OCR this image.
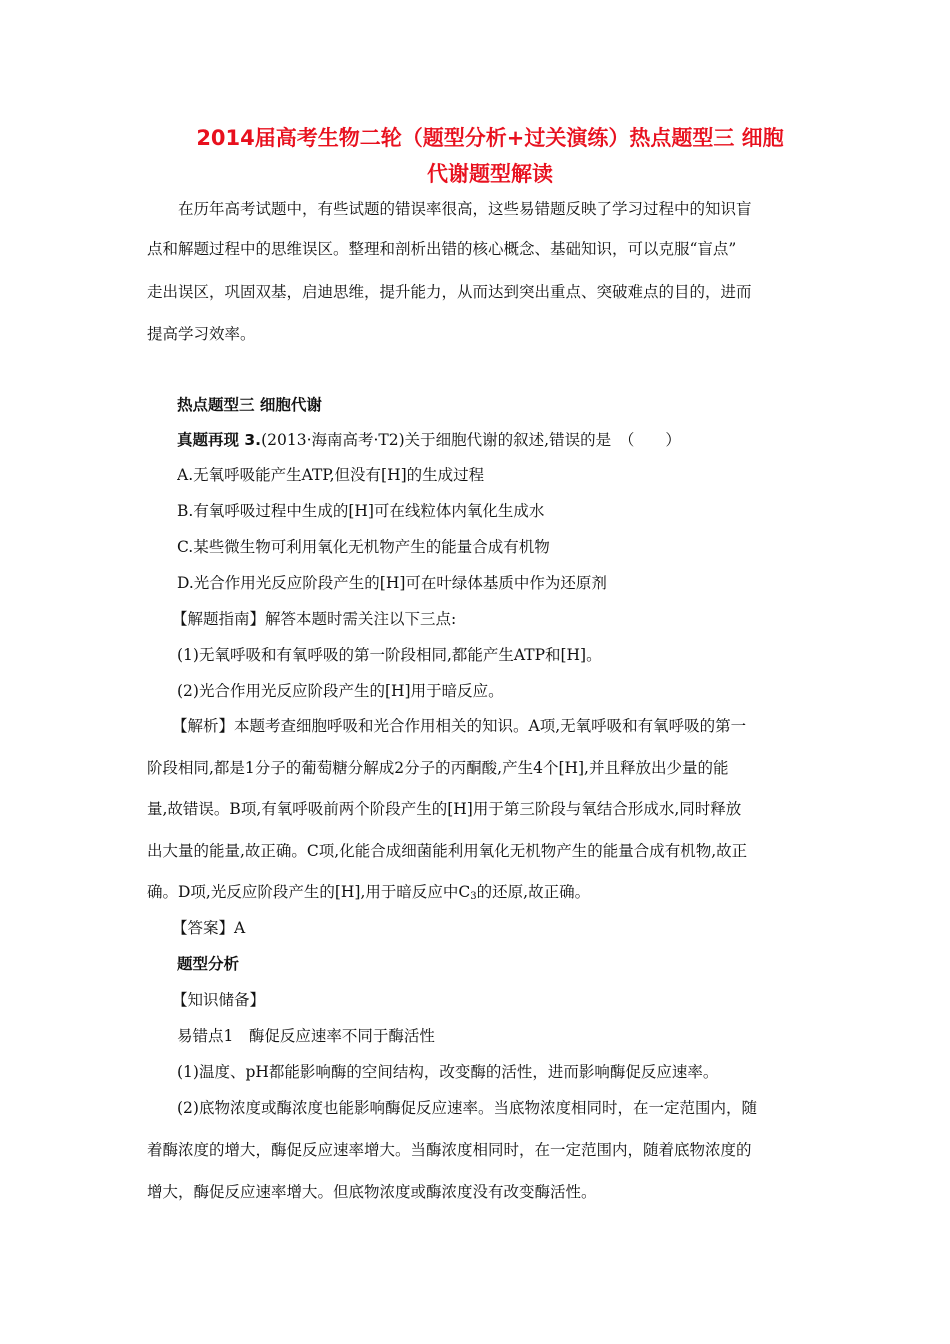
2014届高考生物二轮（题型分析+过关演练）热点题型三 细胞
代谢题型解读
在历年高考试题中，有些试题的错误率很高，这些易错题反映了学习过程中的知识盲
点和解题过程中的思维误区。整理和剖析出错的核心概念、基础知识，可以克服“盲点”
走出误区，巩固双基，启迪思维，提升能力，从而达到突出重点、突破难点的目的，进而
提高学习效率。
热点题型三 细胞代谢
真题再现 3.(2013·海南高考·T2)关于细胞代谢的叙述,错误的是　（　　）
A.无氧呼吸能产生ATP,但没有[H]的生成过程
B.有氧呼吸过程中生成的[H]可在线粒体内氧化生成水
C.某些微生物可利用氧化无机物产生的能量合成有机物
D.光合作用光反应阶段产生的[H]可在叶绿体基质中作为还原剂
【解题指南】解答本题时需关注以下三点:
(1)无氧呼吸和有氧呼吸的第一阶段相同,都能产生ATP和[H]。
(2)光合作用光反应阶段产生的[H]用于暗反应。
【解析】本题考查细胞呼吸和光合作用相关的知识。A项,无氧呼吸和有氧呼吸的第一
阶段相同,都是1分子的葡萄糖分解成2分子的丙酮酸,产生4个[H],并且释放出少量的能
量,故错误。B项,有氧呼吸前两个阶段产生的[H]用于第三阶段与氧结合形成水,同时释放
出大量的能量,故正确。C项,化能合成细菌能利用氧化无机物产生的能量合成有机物,故正
确。D项,光反应阶段产生的[H],用于暗反应中$C_3$的还原,故正确。
【答案】A
题型分析
【知识储备】
易错点1　酶促反应速率不同于酶活性
(1)温度、pH都能影响酶的空间结构，改变酶的活性，进而影响酶促反应速率。
(2)底物浓度或酶浓度也能影响酶促反应速率。当底物浓度相同时，在一定范围内，随
着酶浓度的增大，酶促反应速率增大。当酶浓度相同时，在一定范围内，随着底物浓度的
增大，酶促反应速率增大。但底物浓度或酶浓度没有改变酶活性。
